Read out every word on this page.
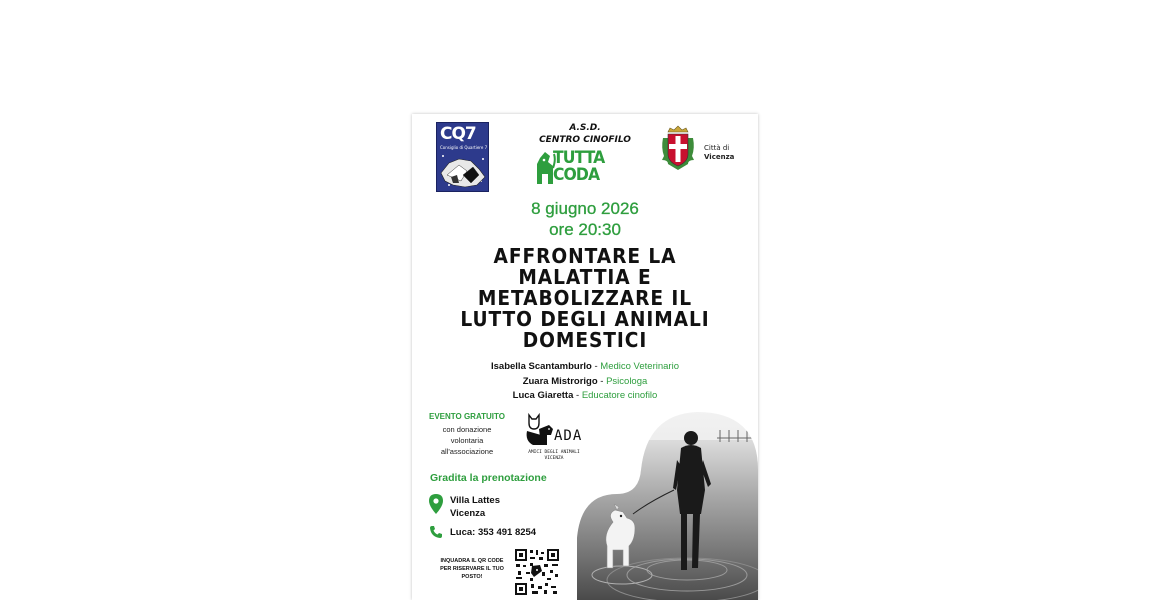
CQ7
Consiglio di Quartiere 7
A.S.D.
CENTRO CINOFILO
TUTTA
CODA
Città di
Vicenza
8 giugno 2026
ore 20:30
AFFRONTARE LA
MALATTIA E
METABOLIZZARE IL
LUTTO DEGLI ANIMALI
DOMESTICI
Isabella Scantamburlo - Medico Veterinario
Zuara Mistrorigo - Psicologa
Luca Giaretta - Educatore cinofilo
EVENTO GRATUITO
con donazione
volontaria
all'associazione
ADA
AMICI DEGLI ANIMALI
VICENZA
Gradita la prenotazione
Villa Lattes
Vicenza
Luca: 353 491 8254
INQUADRA IL QR CODE
PER RISERVARE IL TUO
POSTO!
